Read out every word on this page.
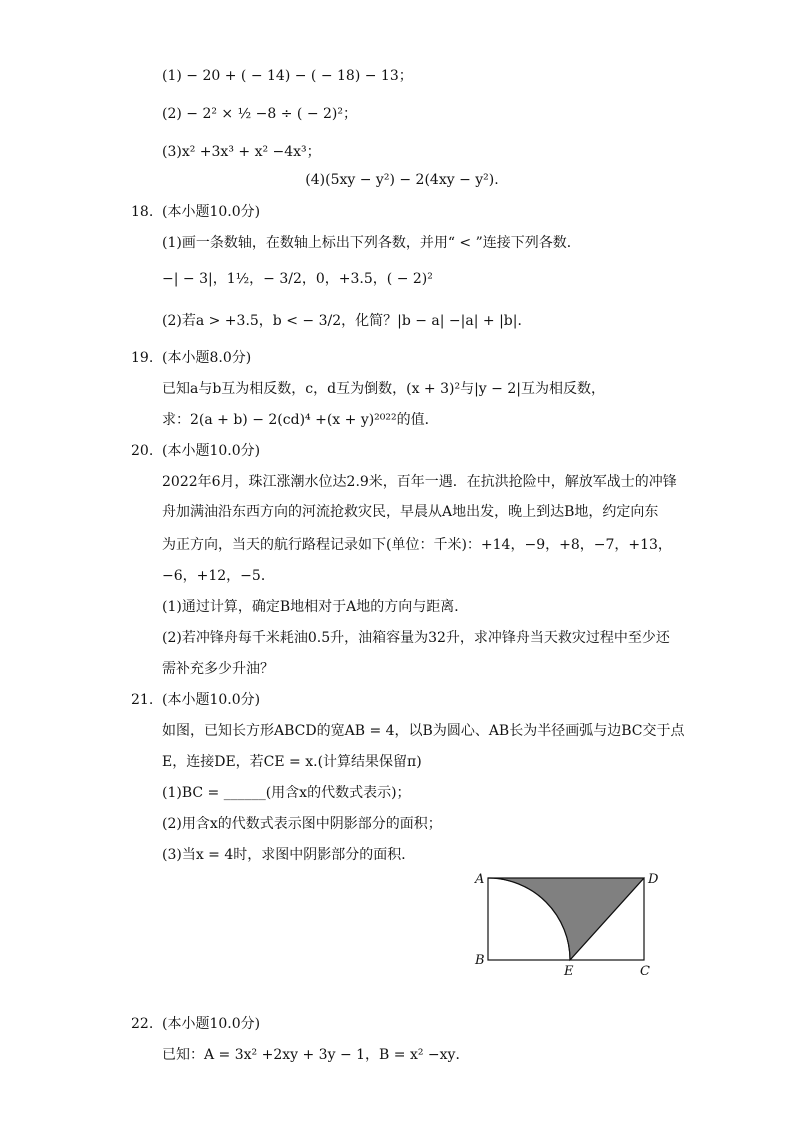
(1) − 20 + ( − 14) − ( − 18) − 13；
(2) − 2² × ½ −8 ÷ ( − 2)²；
(3)x² +3x³ + x² −4x³；
(4)(5xy − y²) − 2(4xy − y²).
18. (本小题10.0分)
(1)画一条数轴，在数轴上标出下列各数，并用“ < ”连接下列各数．
−| − 3|，1½，− 3/2，0，+3.5，( − 2)²
(2)若a > +3.5，b < − 3/2，化简？|b − a| −|a| + |b|．
19. (本小题8.0分)
已知a与b互为相反数，c，d互为倒数，(x + 3)²与|y − 2|互为相反数，
求：2(a + b) − 2(cd)⁴ +(x + y)²⁰²²的值．
20. (本小题10.0分)
2022年6月，珠江涨潮水位达2.9米，百年一遇．在抗洪抢险中，解放军战士的冲锋
舟加满油沿东西方向的河流抢救灾民，早晨从A地出发，晚上到达B地，约定向东
为正方向，当天的航行路程记录如下(单位：千米)：+14，−9，+8，−7，+13，
−6，+12，−5．
(1)通过计算，确定B地相对于A地的方向与距离．
(2)若冲锋舟每千米耗油0.5升，油箱容量为32升，求冲锋舟当天救灾过程中至少还
需补充多少升油？
21. (本小题10.0分)
如图，已知长方形ABCD的宽AB = 4，以B为圆心、AB长为半径画弧与边BC交于点
E，连接DE，若CE = x.(计算结果保留π)
(1)BC = ______(用含x的代数式表示)；
(2)用含x的代数式表示图中阴影部分的面积；
(3)当x = 4时，求图中阴影部分的面积．
A	D
B
E	C
22. (本小题10.0分)
已知：A = 3x² +2xy + 3y − 1，B = x² −xy．
